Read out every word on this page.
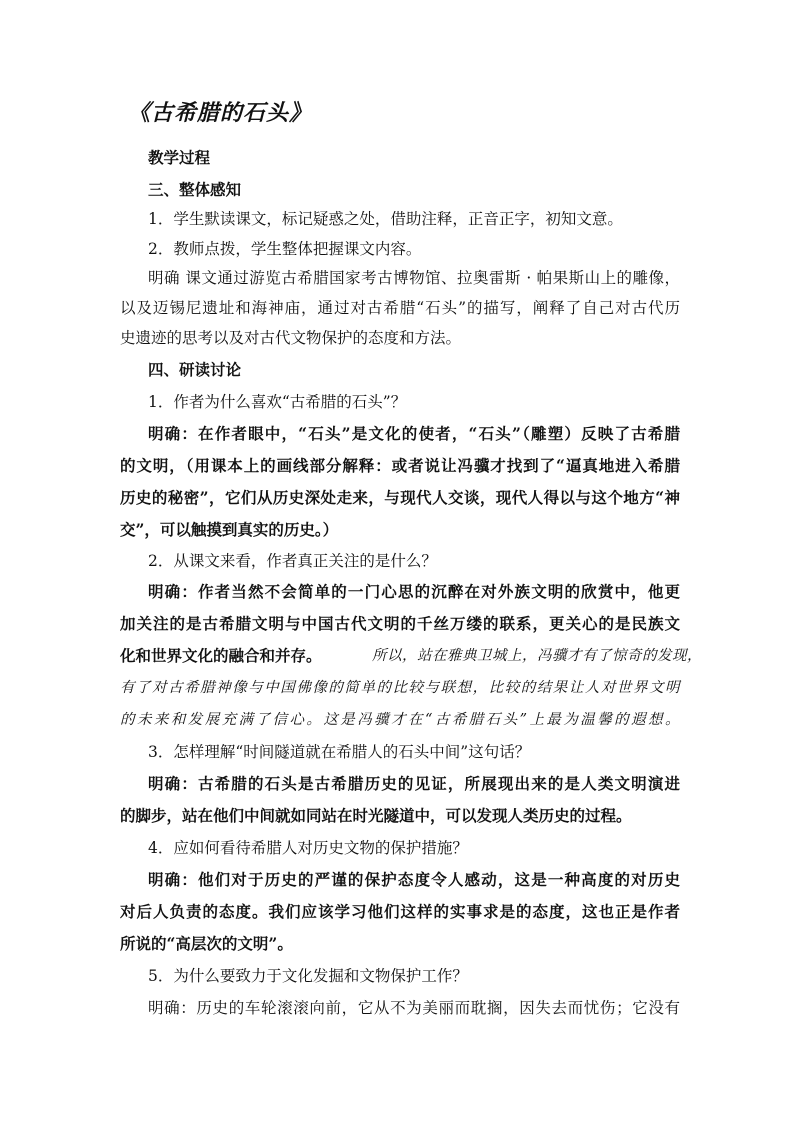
《古希腊的石头》
教学过程
三、整体感知
1．学生默读课文，标记疑惑之处，借助注释，正音正字，初知文意。
2．教师点拨，学生整体把握课文内容。
明确 课文通过游览古希腊国家考古博物馆、拉奥雷斯 · 帕果斯山上的雕像，
以及迈锡尼遗址和海神庙，通过对古希腊“石头”的描写，阐释了自己对古代历
史遗迹的思考以及对古代文物保护的态度和方法。
四、研读讨论
1．作者为什么喜欢“古希腊的石头”？
明确：在作者眼中，“石头”是文化的使者，“石头”（雕塑）反映了古希腊
的文明，（用课本上的画线部分解释：或者说让冯骥才找到了“逼真地进入希腊
历史的秘密”，它们从历史深处走来，与现代人交谈，现代人得以与这个地方“神
交”，可以触摸到真实的历史。）
2．从课文来看，作者真正关注的是什么？
明确：作者当然不会简单的一门心思的沉醉在对外族文明的欣赏中，他更
加关注的是古希腊文明与中国古代文明的千丝万缕的联系，更关心的是民族文
化和世界文化的融合和并存。	所以，站在雅典卫城上，冯骥才有了惊奇的发现，
有了对古希腊神像与中国佛像的简单的比较与联想，比较的结果让人对世界文明
的未来和发展充满了信心。这是冯骥才在“古希腊石头”上最为温馨的遐想。
3．怎样理解“时间隧道就在希腊人的石头中间”这句话？
明确：古希腊的石头是古希腊历史的见证，所展现出来的是人类文明演进
的脚步，站在他们中间就如同站在时光隧道中，可以发现人类历史的过程。
4．应如何看待希腊人对历史文物的保护措施？
明确：他们对于历史的严谨的保护态度令人感动，这是一种高度的对历史
对后人负责的态度。我们应该学习他们这样的实事求是的态度，这也正是作者
所说的“高层次的文明”。
5．为什么要致力于文化发掘和文物保护工作？
明确：历史的车轮滚滚向前，它从不为美丽而耽搁，因失去而忧伤；它没有
